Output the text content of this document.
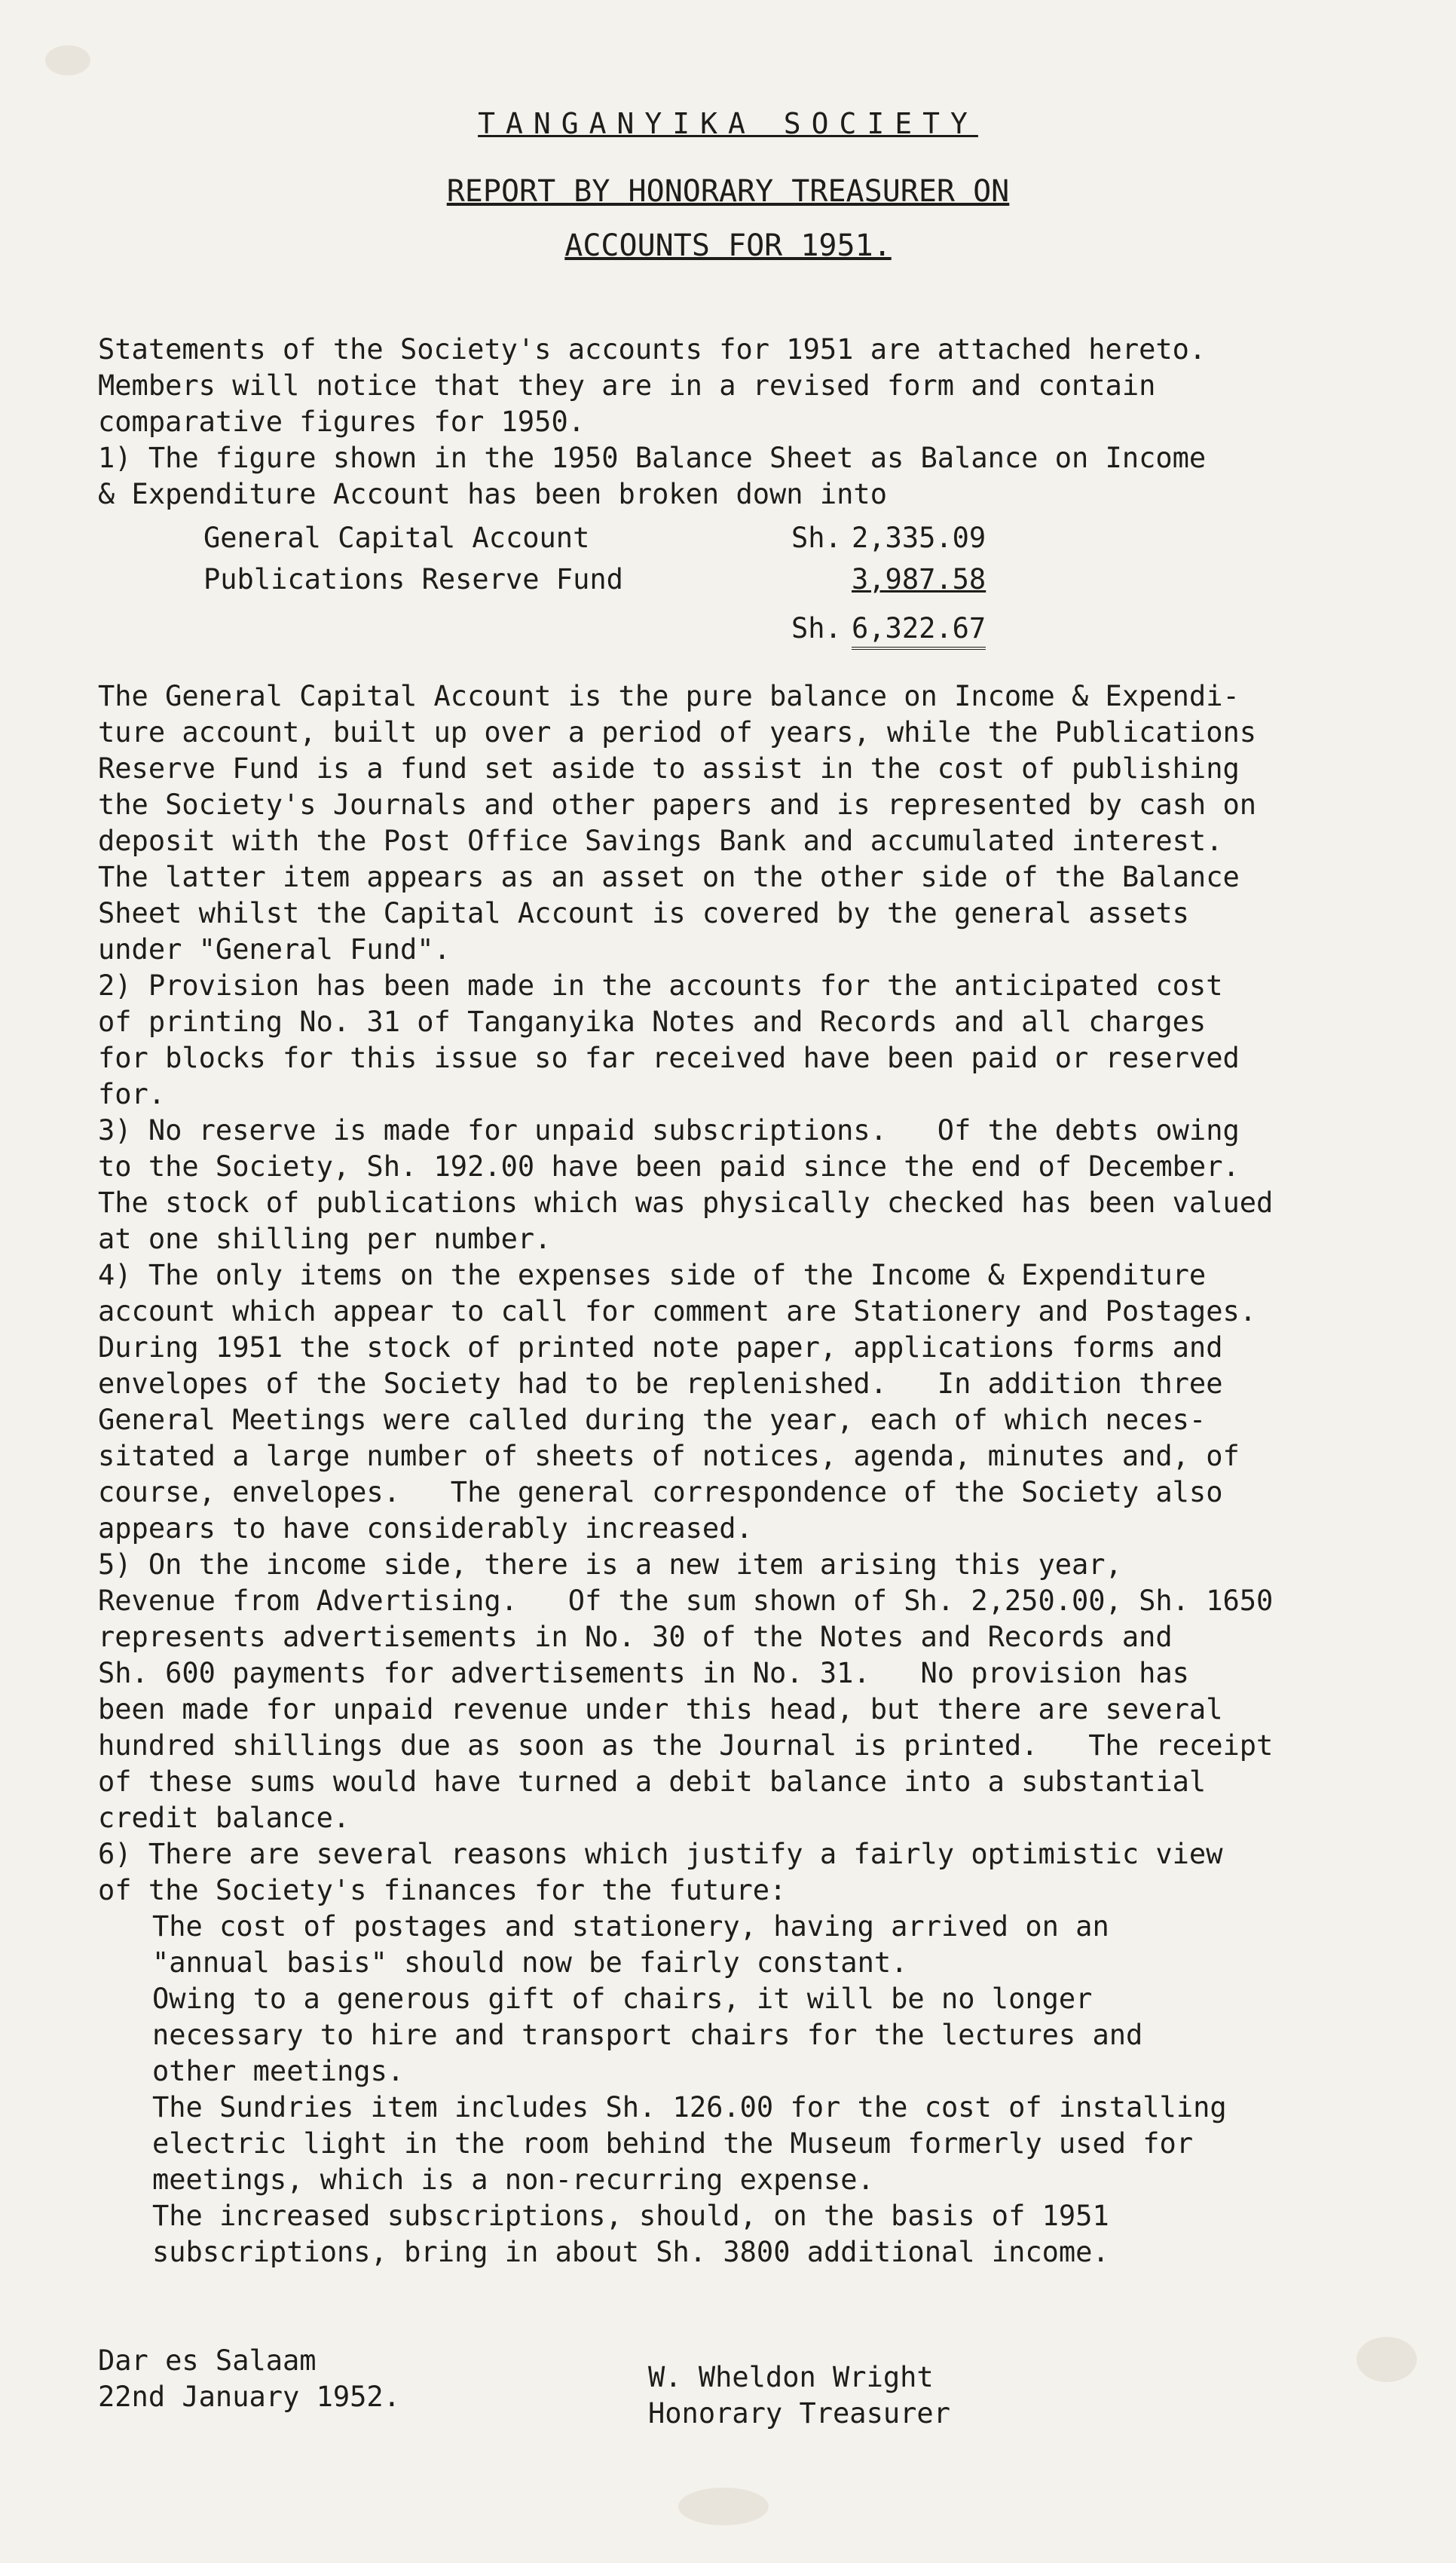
TANGANYIKA SOCIETY
REPORT BY HONORARY TREASURER ON
ACCOUNTS FOR 1951.
Statements of the Society's accounts for 1951 are attached hereto.
Members will notice that they are in a revised form and contain
comparative figures for 1950.
1) The figure shown in the 1950 Balance Sheet as Balance on Income
& Expenditure Account has been broken down into
General Capital Account	Sh. 2,335.09
Publications Reserve Fund	3,987.58
Sh. 6,322.67
The General Capital Account is the pure balance on Income & Expendi-
ture account, built up over a period of years, while the Publications
Reserve Fund is a fund set aside to assist in the cost of publishing
the Society's Journals and other papers and is represented by cash on
deposit with the Post Office Savings Bank and accumulated interest.
The latter item appears as an asset on the other side of the Balance
Sheet whilst the Capital Account is covered by the general assets
under "General Fund".
2) Provision has been made in the accounts for the anticipated cost
of printing No. 31 of Tanganyika Notes and Records and all charges
for blocks for this issue so far received have been paid or reserved
for.
3) No reserve is made for unpaid subscriptions.   Of the debts owing
to the Society, Sh. 192.00 have been paid since the end of December.
The stock of publications which was physically checked has been valued
at one shilling per number.
4) The only items on the expenses side of the Income & Expenditure
account which appear to call for comment are Stationery and Postages.
During 1951 the stock of printed note paper, applications forms and
envelopes of the Society had to be replenished.   In addition three
General Meetings were called during the year, each of which neces-
sitated a large number of sheets of notices, agenda, minutes and, of
course, envelopes.   The general correspondence of the Society also
appears to have considerably increased.
5) On the income side, there is a new item arising this year,
Revenue from Advertising.   Of the sum shown of Sh. 2,250.00, Sh. 1650
represents advertisements in No. 30 of the Notes and Records and
Sh. 600 payments for advertisements in No. 31.   No provision has
been made for unpaid revenue under this head, but there are several
hundred shillings due as soon as the Journal is printed.   The receipt
of these sums would have turned a debit balance into a substantial
credit balance.
6) There are several reasons which justify a fairly optimistic view
of the Society's finances for the future:
The cost of postages and stationery, having arrived on an
"annual basis" should now be fairly constant.
Owing to a generous gift of chairs, it will be no longer
necessary to hire and transport chairs for the lectures and
other meetings.
The Sundries item includes Sh. 126.00 for the cost of installing
electric light in the room behind the Museum formerly used for
meetings, which is a non-recurring expense.
The increased subscriptions, should, on the basis of 1951
subscriptions, bring in about Sh. 3800 additional income.
Dar es Salaam
22nd January 1952.
W. Wheldon Wright
Honorary Treasurer
